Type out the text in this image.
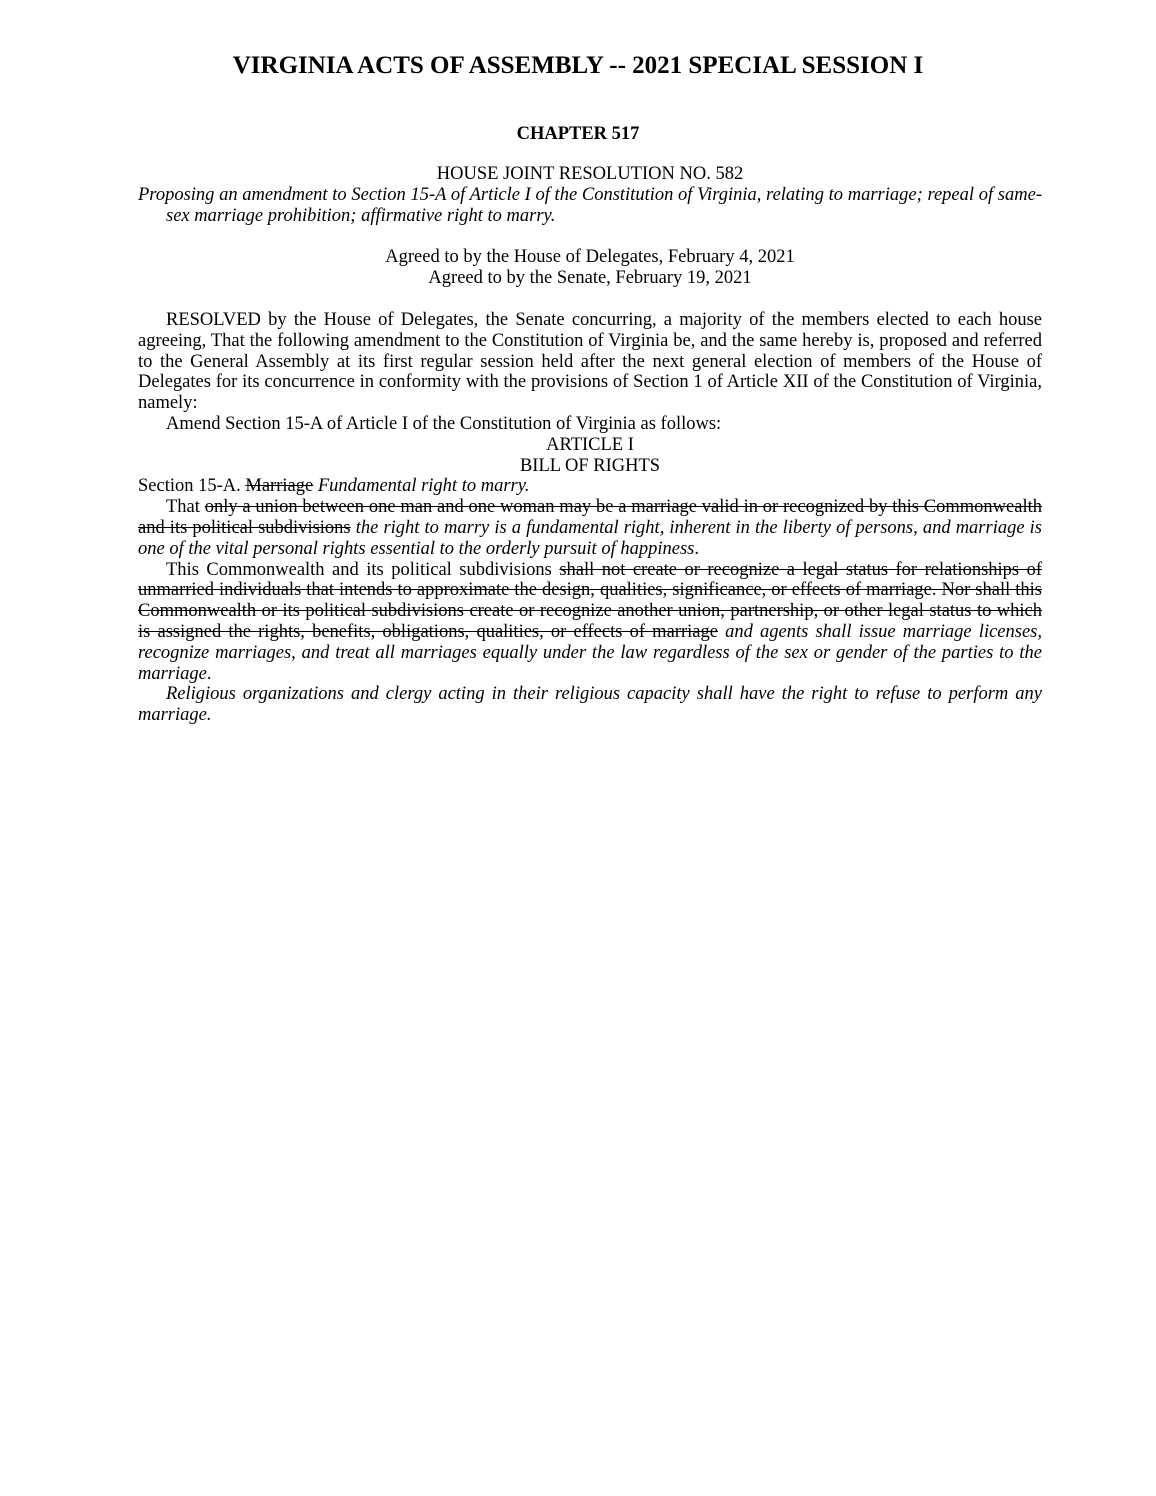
VIRGINIA ACTS OF ASSEMBLY -- 2021 SPECIAL SESSION I
CHAPTER 517

HOUSE JOINT RESOLUTION NO. 582

Proposing an amendment to Section 15-A of Article I of the Constitution of Virginia, relating to marriage; repeal of same-sex marriage prohibition; affirmative right to marry.

Agreed to by the House of Delegates, February 4, 2021

Agreed to by the Senate, February 19, 2021

RESOLVED by the House of Delegates, the Senate concurring, a majority of the members elected to each house agreeing, That the following amendment to the Constitution of Virginia be, and the same hereby is, proposed and referred to the General Assembly at its first regular session held after the next general election of members of the House of Delegates for its concurrence in conformity with the provisions of Section 1 of Article XII of the Constitution of Virginia, namely:

Amend Section 15-A of Article I of the Constitution of Virginia as follows:

ARTICLE I

BILL OF RIGHTS

Section 15-A. Marriage Fundamental right to marry.

That only a union between one man and one woman may be a marriage valid in or recognized by this Commonwealth and its political subdivisions the right to marry is a fundamental right, inherent in the liberty of persons, and marriage is one of the vital personal rights essential to the orderly pursuit of happiness.

This Commonwealth and its political subdivisions shall not create or recognize a legal status for relationships of unmarried individuals that intends to approximate the design, qualities, significance, or effects of marriage. Nor shall this Commonwealth or its political subdivisions create or recognize another union, partnership, or other legal status to which is assigned the rights, benefits, obligations, qualities, or effects of marriage and agents shall issue marriage licenses, recognize marriages, and treat all marriages equally under the law regardless of the sex or gender of the parties to the marriage.

Religious organizations and clergy acting in their religious capacity shall have the right to refuse to perform any marriage.
